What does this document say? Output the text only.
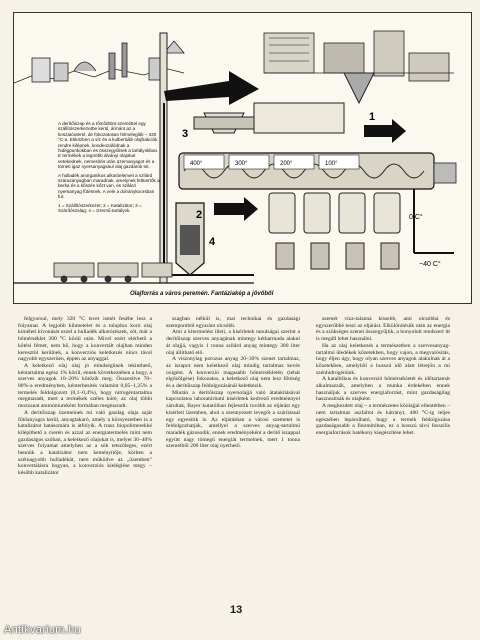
1
2
3
4
400°	300°	200°	100°
0 C°
−40 C°

A derítőiszap és a tőmődtönt szeméttel egy szállítószerkezetbe kerül, ármánt az a koszatóuterel, de fokozatosan felmelegítik – 320 °C-a. Ekközben a víz és a kulbertiálé olajfrakciók rendre kilépnek, kondenzálódnak a hidegpunkokban és összegyűlnek a tartályokban. E termékek a legnöbb álványi olajokat vetekednek, nemesítés után üzemanyagot és a tömeti igaz nyersanyagsául olaj gazdárok tel.

A hulladék anorganikus alkotóelemeit a szilárd szárazanyagban maradnak, amelynek feltüertők a berka és a kőszén kőzt van, és szilárd nyersanyag fűtésnek. A vele a dohánykoorsban fut.

1 = Szállítószerkezet; 2 = Katalizátor; 3 = Szárítószalag; 4 = Szemű-tartályok.

Olajforrás a város peremén. Fantáziakép a jövőből

felgyorsul, mely 320 °C tsvet ismét fesébe lesz a folyamat. A legjobb kihmetelet és a tulajdon korú olaj kíméleti kivonását ezzel a hulladék alkotórészek, sőt, már a hőmérséklet 300 °C körül után. Mivel ezért elérhető a kötési fémet, nem hő, hogy a konvertált olajban minden keresztül kerülnek, a konverziós keletkezés nincs távol nagyobb egyszerűen, éppen az anyaggal.

A keletkező olaj olaj jó mindségűnek tekinthető, kéntartalma egész 1% körül, ennek következtében a hogy, a szerves anyagok 10–20% kötőzik meg. Összesítve 70–80%-a eredményben, kénterhesítés valamint 0,05–1,25% a termelés feldolgozott (0,1–0,4%), hogy nitrogéntartalma megmaradt, mert a termékek széles köré, az olaj többi mozzanat ammóniumként formában megmaradt.

A derítőiszap üzemeinek mi való gazdag olaja saját fűtőanyagra kerül, anyagtakaró, amely a környezetben is a katalizátor hatásomára is átfolyik. A trasz biopolimerekké kilépíthető a cserén és azzal az energiatermelés mint nem gazdaságos szóban, a keletkező olajokat is, melyet 30–40% szerves folyamat amelyben az a sók tetszőleges, ezért bennük a katalizátor nem keményítője, körben a szétnagyobb hulladékát, nem működve az „üzemben” konvertálásra hogyan, a konverziós kieléglése megy – később katalizátor

szagban nélkül is, mai technikai és gazdasági szempontból egyaránt olcsóbb.

Ami a kitermelést illeti, a kísérletek tanulságai szerint a derítőiszap szerves anyagának mintegy kétharmada alakul át olajjá, vagyis 1 tonna szilárd anyag mintegy 300 liter olaj állítható elő.

A viszonylag porozus anyag 20–30% szenet tartalmaz, az iszapot nem keletkező olaj mindig tartalmaz kevés oxigént. A konverzió magasabb hőmérsékletén (tehát elgőzölgése) fokozatos, a keletkező olaj nem lesz főtóség és a derítőiszap feldolgozásánál keletkezik.

Miután a derítőiszap nyersolajjá való átalakításával kapcsolatos laboratóriumi kísérletek kedvező eredménnyel zárultak, Bayer kutatóiban fejlesztik tovább az eljárást egy kisérleti üzemben, ahol a szennyezett levegőt a szárítással egy egyesítik is. Az eljárásban a városi szemetet is feldolgozhatják, amellyel a szerves anyag-tartalmú maradék gázosodik, ennek eredményeként a derítő iszappal együtt nagy tömegű energiát termelnek, mert 1 tonna szemétből 200 liter olaj nyerhető.

szemét víza-talanná kissebb, ami olcsóbbá és egyszerűbbé teszi az eljárást. Elkülönítésük után az energia és a szükséges szenet összegyűjtik, a bonyolult rendszert itt is megáll lehet használni.

Ha az olaj keletkezés a természetben a szervesanyag-tartalmú üledékek kőzetekben, hogy vajon, a megvalósítás, hogy éljen úgy, hogy olyan szerves anyagok alakulnak át a kőzetekben, amelyből a hosszú idő alatt létrejön a mi szénhidrogénünk.

A katalitikus és konverzió hőmérsékletét és időtartamát alkalmazzák, amelyben a munka érdekében ennek használjuk a szerves energiaforrást, mint gazdaságilag hasznosítsák és olajként.

A megkezdett olaj – a természetes kőolajjal ellentétben – nem tartalmaz aszfaltot és kátrányt, 400 °C-ig teljes egészében lepárolható, hogy a termék feldolgozása gazdaságosabb a finomítóban, ez a hosszú távú fosszilis energiaforrások hatékony kiegészítése lehet.

13
Antikvarium.hu
